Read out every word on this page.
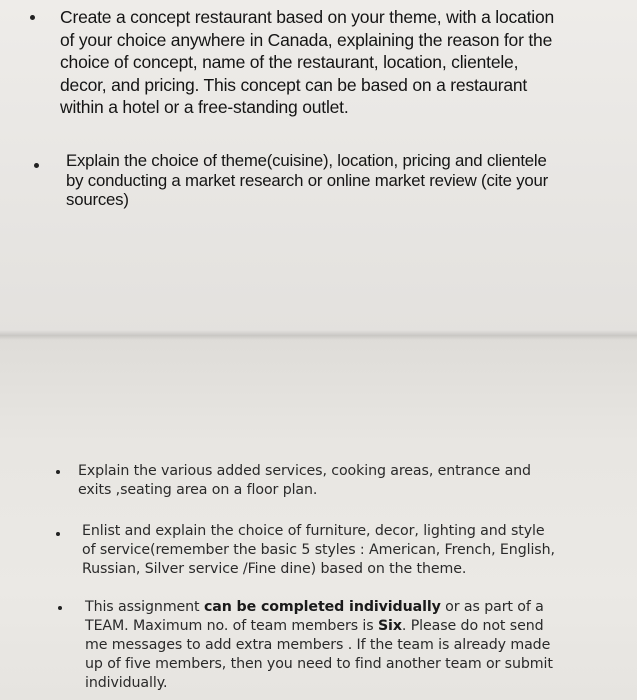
Create a concept restaurant based on your theme, with a location
of your choice anywhere in Canada, explaining the reason for the
choice of concept, name of the restaurant, location, clientele,
decor, and pricing. This concept can be based on a restaurant
within a hotel or a free-standing outlet.
Explain the choice of theme(cuisine), location, pricing and clientele
by conducting a market research or online market review (cite your
sources)
Explain the various added services, cooking areas, entrance and
exits ,seating area on a floor plan.
Enlist and explain the choice of furniture, decor, lighting and style
of service(remember the basic 5 styles : American, French, English,
Russian, Silver service /Fine dine) based on the theme.
This assignment can be completed individually or as part of a
TEAM. Maximum no. of team members is Six. Please do not send
me messages to add extra members . If the team is already made
up of five members, then you need to find another team or submit
individually.
